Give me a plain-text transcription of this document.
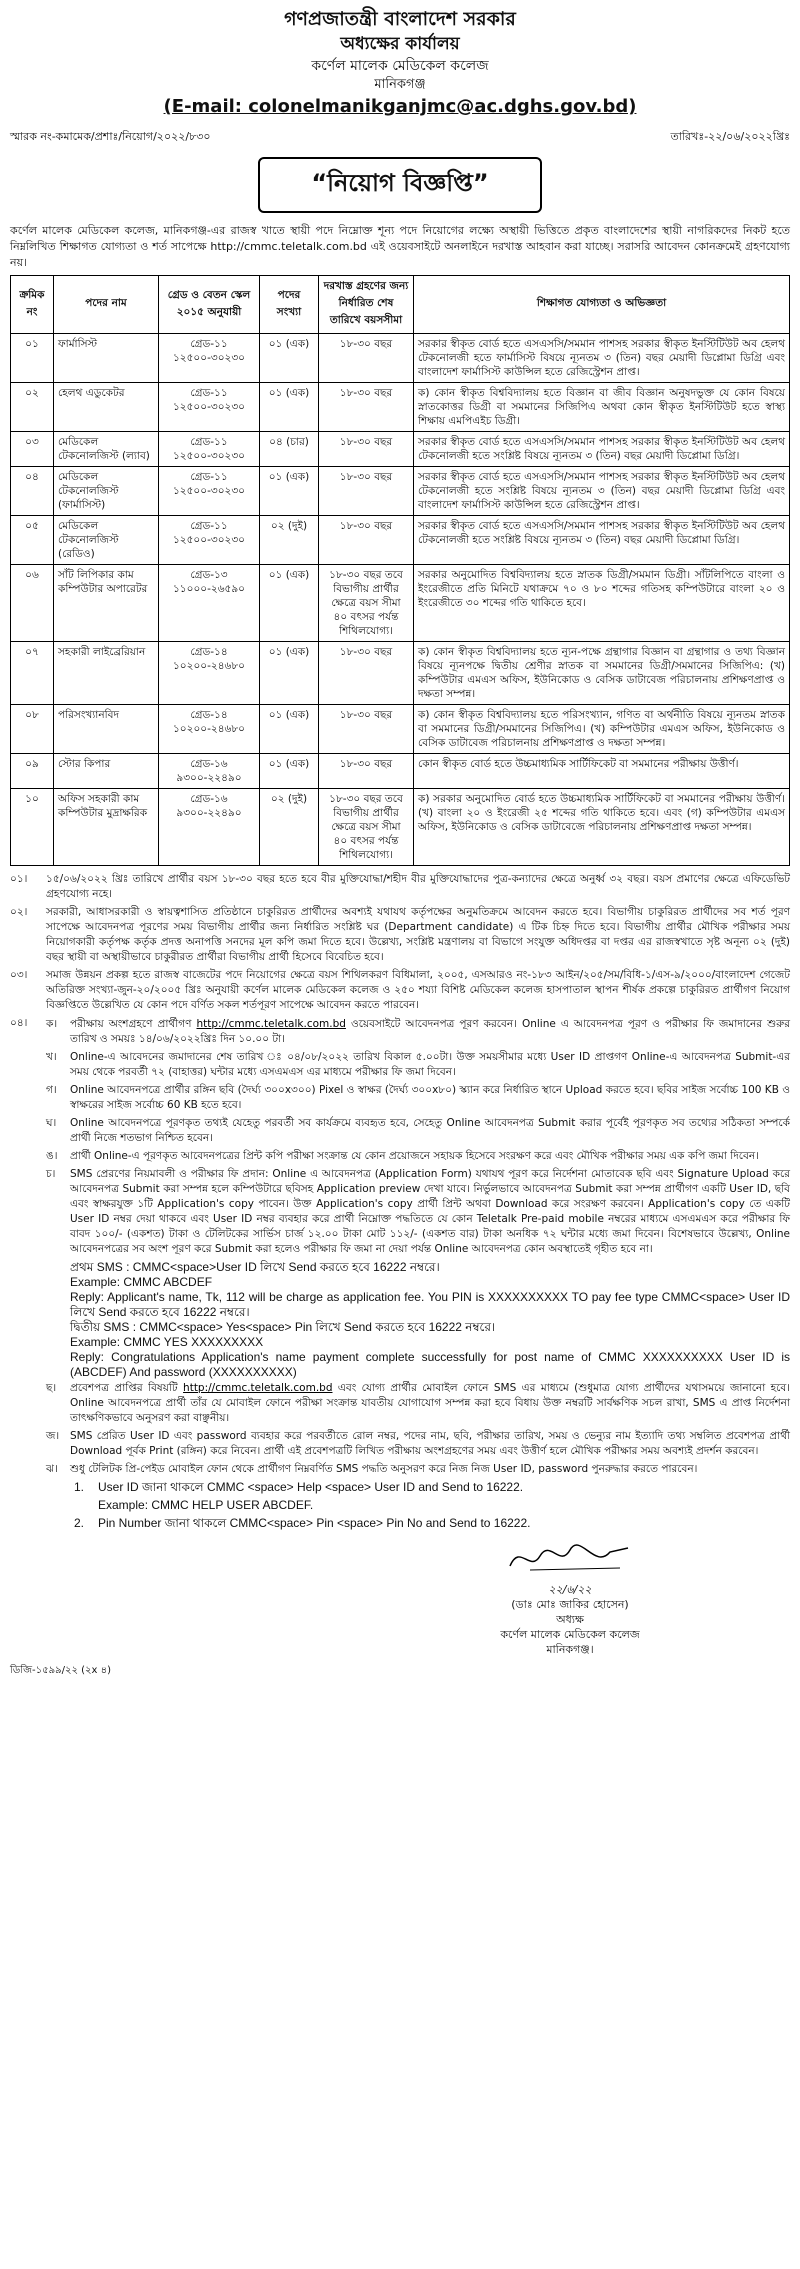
গণপ্রজাতন্ত্রী বাংলাদেশ সরকার
অধ্যক্ষের কার্যালয়
কর্ণেল মালেক মেডিকেল কলেজ
মানিকগঞ্জ
(E-mail: colonelmanikganjmc@ac.dghs.gov.bd)
স্মারক নং-কমামেক/প্রশাঃ/নিয়োগ/২০২২/৮৩০	তারিখঃ-২২/০৬/২০২২খ্রিঃ
“নিয়োগ বিজ্ঞপ্তি”
কর্ণেল মালেক মেডিকেল কলেজ, মানিকগঞ্জ-এর রাজস্ব খাতে স্থায়ী পদে নিম্নোক্ত শূন্য পদে নিয়োগের লক্ষ্যে অস্থায়ী ভিত্তিতে প্রকৃত বাংলাদেশের স্থায়ী নাগরিকদের নিকট হতে নিম্নলিখিত শিক্ষাগত যোগ্যতা ও শর্ত সাপেক্ষে http://cmmc.teletalk.com.bd এই ওয়েবসাইটে অনলাইনে দরখাস্ত আহবান করা যাচ্ছে। সরাসরি আবেদন কোনক্রমেই গ্রহণযোগ্য নয়।
ক্রমিক নং	পদের নাম	গ্রেড ও বেতন স্কেল ২০১৫ অনুযায়ী	পদের সংখ্যা	দরখাস্ত গ্রহণের জন্য নির্ধারিত শেষ তারিখে বয়সসীমা	শিক্ষাগত যোগ্যতা ও অভিজ্ঞতা
০১	ফার্মাসিস্ট	গ্রেড-১১ ১২৫০০-৩০২৩০	০১ (এক)	১৮-৩০ বছর	সরকার স্বীকৃত বোর্ড হতে এসএসসি/সমমান পাশসহ সরকার স্বীকৃত ইনস্টিটিউট অব হেলথ টেকনোলজী হতে ফার্মাসিস্ট বিষয়ে ন্যূনতম ৩ (তিন) বছর মেয়াদী ডিপ্লোমা ডিগ্রি এবং বাংলাদেশ ফার্মাসিস্ট কাউন্সিল হতে রেজিস্ট্রেশন প্রাপ্ত।
০২	হেলথ এডুকেটর	গ্রেড-১১ ১২৫০০-৩০২৩০	০১ (এক)	১৮-৩০ বছর	ক) কোন স্বীকৃত বিশ্ববিদ্যালয় হতে বিজ্ঞান বা জীব বিজ্ঞান অনুষদভুক্ত যে কোন বিষয়ে স্নাতকোত্তর ডিগ্রী বা সমমানের সিজিপিএ অথবা কোন স্বীকৃত ইনস্টিটিউট হতে স্বাস্থ্য শিক্ষায় এমপিএইচ ডিগ্রী।
০৩	মেডিকেল টেকনোলজিস্ট (ল্যাব)	গ্রেড-১১ ১২৫০০-৩০২৩০	০৪ (চার)	১৮-৩০ বছর	সরকার স্বীকৃত বোর্ড হতে এসএসসি/সমমান পাশসহ সরকার স্বীকৃত ইনস্টিটিউট অব হেলথ টেকনোলজী হতে সংশ্লিষ্ট বিষয়ে ন্যূনতম ৩ (তিন) বছর মেয়াদী ডিপ্লোমা ডিগ্রি।
০৪	মেডিকেল টেকনোলজিস্ট (ফার্মাসিস্ট)	গ্রেড-১১ ১২৫০০-৩০২৩০	০১ (এক)	১৮-৩০ বছর	সরকার স্বীকৃত বোর্ড হতে এসএসসি/সমমান পাশসহ সরকার স্বীকৃত ইনস্টিটিউট অব হেলথ টেকনোলজী হতে সংশ্লিষ্ট বিষয়ে ন্যূনতম ৩ (তিন) বছর মেয়াদী ডিপ্লোমা ডিগ্রি এবং বাংলাদেশ ফার্মাসিস্ট কাউন্সিল হতে রেজিস্ট্রেশন প্রাপ্ত।
০৫	মেডিকেল টেকনোলজিস্ট (রেডিও)	গ্রেড-১১ ১২৫০০-৩০২৩০	০২ (দুই)	১৮-৩০ বছর	সরকার স্বীকৃত বোর্ড হতে এসএসসি/সমমান পাশসহ সরকার স্বীকৃত ইনস্টিটিউট অব হেলথ টেকনোলজী হতে সংশ্লিষ্ট বিষয়ে ন্যূনতম ৩ (তিন) বছর মেয়াদী ডিপ্লোমা ডিগ্রি।
০৬	সাঁট লিপিকার কাম কম্পিউটার অপারেটর	গ্রেড-১৩ ১১০০০-২৬৫৯০	০১ (এক)	১৮-৩০ বছর তবে বিভাগীয় প্রার্থীর ক্ষেত্রে বয়স সীমা ৪০ বৎসর পর্যন্ত শিথিলযোগ্য।	সরকার অনুমোদিত বিশ্ববিদ্যালয় হতে স্নাতক ডিগ্রী/সমমান ডিগ্রী। সাঁটলিপিতে বাংলা ও ইংরেজীতে প্রতি মিনিটে যথাক্রমে ৭০ ও ৮০ শব্দের গতিসহ কম্পিউটারে বাংলা ২০ ও ইংরেজীতে ৩০ শব্দের গতি থাকিতে হবে।
০৭	সহকারী লাইব্রেরিয়ান	গ্রেড-১৪ ১০২০০-২৪৬৮০	০১ (এক)	১৮-৩০ বছর	ক) কোন স্বীকৃত বিশ্ববিদ্যালয় হতে ন্যূন-পক্ষে গ্রন্থাগার বিজ্ঞান বা গ্রন্থাগার ও তথ্য বিজ্ঞান বিষয়ে ন্যূনপক্ষে দ্বিতীয় শ্রেণীর স্নাতক বা সমমানের ডিগ্রী/সমমানের সিজিপিএ: (খ) কম্পিউটার এমএস অফিস, ইউনিকোড ও বেসিক ডাটাবেজ পরিচালনায় প্রশিক্ষণপ্রাপ্ত ও দক্ষতা সম্পন্ন।
০৮	পরিসংখ্যানবিদ	গ্রেড-১৪ ১০২০০-২৪৬৮০	০১ (এক)	১৮-৩০ বছর	ক) কোন স্বীকৃত বিশ্ববিদ্যালয় হতে পরিসংখ্যান, গণিত বা অর্থনীতি বিষয়ে ন্যূনতম স্নাতক বা সমমানের ডিগ্রী/সমমানের সিজিপিএ। (খ) কম্পিউটার এমএস অফিস, ইউনিকোড ও বেসিক ডাটাবেজ পরিচালনায় প্রশিক্ষণপ্রাপ্ত ও দক্ষতা সম্পন্ন।
০৯	স্টোর কিপার	গ্রেড-১৬ ৯৩০০-২২৪৯০	০১ (এক)	১৮-৩০ বছর	কোন স্বীকৃত বোর্ড হতে উচ্চমাধ্যমিক সার্টিফিকেট বা সমমানের পরীক্ষায় উত্তীর্ণ।
১০	অফিস সহকারী কাম কম্পিউটার মুদ্রাক্ষরিক	গ্রেড-১৬ ৯৩০০-২২৪৯০	০২ (দুই)	১৮-৩০ বছর তবে বিভাগীয় প্রার্থীর ক্ষেত্রে বয়স সীমা ৪০ বৎসর পর্যন্ত শিথিলযোগ্য।	ক) সরকার অনুমোদিত বোর্ড হতে উচ্চমাধ্যমিক সার্টিফিকেট বা সমমানের পরীক্ষায় উত্তীর্ণ। (খ) বাংলা ২০ ও ইংরেজী ২৫ শব্দের গতি থাকিতে হবে। এবং (গ) কম্পিউটার এমএস অফিস, ইউনিকোড ও বেসিক ডাটাবেজে পরিচালনায় প্রশিক্ষণপ্রাপ্ত দক্ষতা সম্পন্ন।
০১।	১৫/০৬/২০২২ খ্রিঃ তারিখে প্রার্থীর বয়স ১৮-৩০ বছর হতে হবে বীর মুক্তিযোদ্ধা/শহীদ বীর মুক্তিযোদ্ধাদের পুত্র-কন্যাদের ক্ষেত্রে অনুর্ধ্ব ৩২ বছর। বয়স প্রমাণের ক্ষেত্রে এফিডেভিট গ্রহণযোগ্য নহে।
০২।	সরকারী, আধাসরকারী ও স্বায়ত্বশাসিত প্রতিষ্ঠানে চাকুরিরত প্রার্থীদের অবশ্যই যথাযথ কর্তৃপক্ষের অনুমতিক্রমে আবেদন করতে হবে। বিভাগীয় চাকুরিরত প্রার্থীদের সব শর্ত পূরণ সাপেক্ষে আবেদনপত্র পূরণের সময় বিভাগীয় প্রার্থীর জন্য নির্ধারিত সংশ্লিষ্ট ঘর (Department candidate) এ টিক চিহ্ন দিতে হবে। বিভাগীয় প্রার্থীর মৌখিক পরীক্ষার সময় নিয়োগকারী কর্তৃপক্ষ কর্তৃক প্রদত্ত অনাপত্তি সনদের মূল কপি জমা দিতে হবে। উল্লেখ্য, সংশ্লিষ্ট মন্ত্রণালয় বা বিভাগে সংযুক্ত অধিদপ্তর বা দপ্তর এর রাজস্বখাতে সৃষ্ট অনূন্য ০২ (দুই) বছর স্থায়ী বা অস্থায়ীভাবে চাকুরীরত প্রার্থীরা বিভাগীয় প্রার্থী হিসেবে বিবেচিত হবে।
০৩।	সমাজ উন্নয়ন প্রকল্প হতে রাজস্ব বাজেটের পদে নিয়োগের ক্ষেত্রে বয়স শিথিলকরণ বিধিমালা, ২০০৫, এসআরও নং-১৮৩ আইন/২০৫/সম/বিধি-১/এস-৯/২০০০/বাংলাদেশ গেজেট অতিরিক্ত সংখ্যা-জুন-২০/২০০৫ খ্রিঃ অনুযায়ী কর্ণেল মালেক মেডিকেল কলেজ ও ২৫০ শয্যা বিশিষ্ট মেডিকেল কলেজ হাসপাতাল স্থাপন শীর্ষক প্রকল্পে চাকুরিরত প্রার্থীগণ নিয়োগ বিজ্ঞপ্তিতে উল্লেখিত যে কোন পদে বর্ণিত সকল শর্তপূরণ সাপেক্ষে আবেদন করতে পারবেন।
০৪।	ক।	পরীক্ষায় অংশগ্রহণে প্রার্থীগণ http://cmmc.teletalk.com.bd ওয়েবসাইটে আবেদনপত্র পূরণ করবেন। Online এ আবেদনপত্র পূরণ ও পরীক্ষার ফি জমাদানের শুরুর তারিখ ও সময়ঃ ১৪/০৬/২০২২খ্রিঃ দিন ১০.০০ টা।
খ।	Online-এ আবেদনের জমাদানের শেষ তারিখ ঃ ০৪/০৮/২০২২ তারিখ বিকাল ৫.০০টা। উক্ত সময়সীমার মধ্যে User ID প্রাপ্তগণ Online-এ আবেদনপত্র Submit-এর সময় থেকে পরবর্তী ৭২ (বাহাত্তর) ঘন্টার মধ্যে এসএমএস এর মাধ্যমে পরীক্ষার ফি জমা দিবেন।
গ।	Online আবেদনপত্রে প্রার্থীর রঙ্গিন ছবি (দৈর্ঘ্য ৩০০x৩০০) Pixel ও স্বাক্ষর (দৈর্ঘ্য ৩০০x৮০) স্ক্যান করে নির্ধারিত স্থানে Upload করতে হবে। ছবির সাইজ সর্বোচ্চ 100 KB ও স্বাক্ষরের সাইজ সর্বোচ্চ 60 KB হতে হবে।
ঘ।	Online আবেদনপত্রে পূরণকৃত তথ্যই যেহেতু পরবর্তী সব কার্যক্রমে ব্যবহৃত হবে, সেহেতু Online আবেদনপত্র Submit করার পূর্বেই পূরণকৃত সব তথ্যের সঠিকতা সম্পর্কে প্রার্থী নিজে শতভাগ নিশ্চিত হবেন।
ঙ।	প্রার্থী Online-এ পূরণকৃত আবেদনপত্রের প্রিন্ট কপি পরীক্ষা সংক্রান্ত যে কোন প্রয়োজনে সহায়ক হিসেবে সংরক্ষণ করে এবং মৌখিক পরীক্ষার সময় এক কপি জমা দিবেন।
চ।	SMS প্রেরণের নিয়মাবলী ও পরীক্ষার ফি প্রদান: Online এ আবেদনপত্র (Application Form) যথাযথ পূরণ করে নির্দেশনা মোতাবেক ছবি এবং Signature Upload করে আবেদনপত্র Submit করা সম্পন্ন হলে কম্পিউটারে ছবিসহ Application preview দেখা যাবে। নির্ভুলভাবে আবেদনপত্র Submit করা সম্পন্ন প্রার্থীগণ একটি User ID, ছবি এবং স্বাক্ষরযুক্ত ১টি Application's copy পাবেন। উক্ত Application's copy প্রার্থী প্রিন্ট অথবা Download করে সংরক্ষণ করবেন। Application's copy তে একটি User ID নম্বর দেয়া থাকবে এবং User ID নম্বর ব্যবহার করে প্রার্থী নিম্নোক্ত পদ্ধতিতে যে কোন Teletalk Pre-paid mobile নম্বরের মাধ্যমে এসএমএস করে পরীক্ষার ফি বাবদ ১০০/- (একশত) টাকা ও টেলিটকের সার্ভিস চার্জ ১২.০০ টাকা মোট ১১২/- (একশত বার) টাকা অনধিক ৭২ ঘন্টার মধ্যে জমা দিবেন। বিশেষভাবে উল্লেখ্য, Online আবেদনপত্রের সব অংশ পূরণ করে Submit করা হলেও পরীক্ষার ফি জমা না দেয়া পর্যন্ত Online আবেদনপত্র কোন অবস্থাতেই গৃহীত হবে না।
প্রথম SMS : CMMC<space>User ID লিখে Send করতে হবে 16222 নম্বরে।
Example: CMMC ABCDEF
Reply: Applicant's name, Tk, 112 will be charge as application fee. You PIN is XXXXXXXXXX TO pay fee type CMMC<space> User ID লিখে Send করতে হবে 16222 নম্বরে।
দ্বিতীয় SMS : CMMC<space> Yes<space> Pin লিখে Send করতে হবে 16222 নম্বরে।
Example: CMMC YES XXXXXXXXX
Reply: Congratulations Application's name payment complete successfully for post name of CMMC XXXXXXXXXX User ID is (ABCDEF) And password (XXXXXXXXXX)
ছ।	প্রবেশপত্র প্রাপ্তির বিষয়টি http://cmmc.teletalk.com.bd এবং যোগ্য প্রার্থীর মোবাইল ফোনে SMS এর মাধ্যমে (শুধুমাত্র যোগ্য প্রার্থীদের যথাসময়ে জানানো হবে। Online আবেদনপত্রে প্রার্থী তাঁর যে মোবাইল ফোনে পরীক্ষা সংক্রান্ত যাবতীয় যোগাযোগ সম্পন্ন করা হবে বিধায় উক্ত নম্বরটি সার্বক্ষণিক সচল রাখা, SMS এ প্রাপ্ত নির্দেশনা তাৎক্ষণিকভাবে অনুসরণ করা বাঞ্ছনীয়।
জ।	SMS প্রেরিত User ID এবং password ব্যবহার করে পরবর্তীতে রোল নম্বর, পদের নাম, ছবি, পরীক্ষার তারিখ, সময় ও ভেন্যুর নাম ইত্যাদি তথ্য সম্বলিত প্রবেশপত্র প্রার্থী Download পূর্বক Print (রঙ্গিন) করে নিবেন। প্রার্থী এই প্রবেশপত্রটি লিখিত পরীক্ষায় অংশগ্রহণের সময় এবং উত্তীর্ণ হলে মৌখিক পরীক্ষার সময় অবশ্যই প্রদর্শন করবেন।
ঝ।	শুধু টেলিটক প্রি-পেইড মোবাইল ফোন থেকে প্রার্থীগণ নিম্নবর্ণিত SMS পদ্ধতি অনুসরণ করে নিজ নিজ User ID, password পুনরুদ্ধার করতে পারবেন।
1.	User ID জানা থাকলে CMMC <space> Help <space> User ID and Send to 16222.
Example: CMMC HELP USER ABCDEF.
2.	Pin Number জানা থাকলে CMMC<space> Pin <space> Pin No and Send to 16222.
২২/৬/২২
(ডাঃ মোঃ জাকির হোসেন)
অধ্যক্ষ
কর্ণেল মালেক মেডিকেল কলেজ
মানিকগঞ্জ।
ডিজি-১৫৯৯/২২ (২x ৪)
